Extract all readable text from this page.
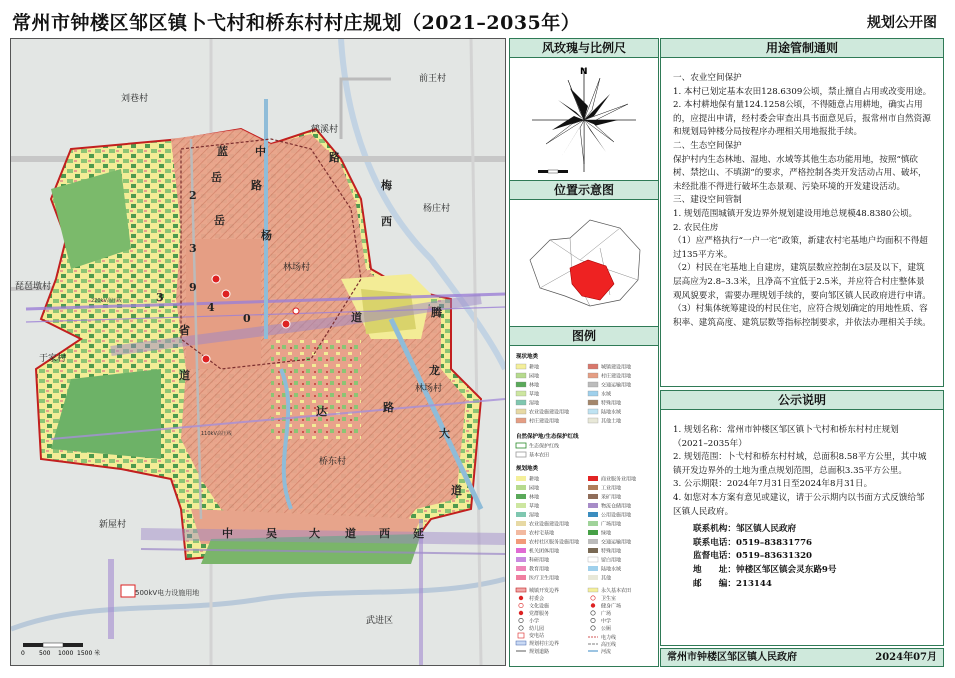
常州市钟楼区邹区镇卜弋村和桥东村村庄规划（2021–2035年）	规划公开图
刘巷村
前王村
鹤溪村
杨庄村
林场村
琵琶墩村
于家村
林场村
桥东村
新屋村
武进区
蓝 中	路
梅
西
杨
岳
省
道
0
3
4
9
2
3
腾
道
龙
达
大
路
道
中	吴	大 道 西 延
路
岳
500kV电力设施用地
220kV高压线
110kV高压线
0 500 1000 1500 米
风玫瑰与比例尺
N
位置示意图
图例
现状地类
耕地
园地
林地
草地
湿地
农业设施建设用地
村庄建设用地
城镇建设用地
村庄建设用地
交通运输用地
水域
特殊用地
陆地水域
其他土地
自然保护地/生态保护红线
生态保护红线
基本农田
规划地类
耕地
园地
林地
草地
湿地
农业设施建设用地
农村宅基地
农村社区服务设施用地
机关团体用地
科研用地
教育用地
医疗卫生用地
商业服务业用地
工业用地
采矿用地
物流仓储用地
公用设施用地
广场用地
绿地
交通运输用地
特殊用地
留白用地
陆地水域
其他
城镇开发边界
村委会
文化设施
党群服务
小学
幼儿园
变电站
规划村庄边界
规划道路
永久基本农田
卫生室
健身广场
广场
中学
公厕
电力线
高压线
河流
用途管制通则

一、农业空间保护

1. 本村已划定基本农田128.6309公顷，禁止擅自占用或改变用途。

2. 本村耕地保有量124.1258公顷，不得随意占用耕地，确实占用的，应提出申请，经村委会审查出具书面意见后，报常州市自然资源和规划局钟楼分局按程序办理相关用地报批手续。

二、生态空间保护

保护村内生态林地、湿地、水域等其他生态功能用地，按照“慎砍树、禁挖山、不填湖”的要求，严格控制各类开发活动占用、破坏，未经批准不得进行破坏生态景观、污染环境的开发建设活动。

三、建设空间管制

1. 规划范围城镇开发边界外规划建设用地总规模48.8380公顷。

2. 农民住房

（1）应严格执行“一户一宅”政策，新建农村宅基地户均面积不得超过135平方米。

（2）村民在宅基地上自建房，建筑层数应控制在3层及以下，建筑层高应为2.8–3.3米，且净高不宜低于2.5米，并应符合村庄整体景观风貌要求，需要办理规划手续的，要向邹区镇人民政府进行申请。

（3）村集体统筹建设的村民住宅，应符合规划确定的用地性质、容积率、建筑高度、建筑层数等指标控制要求，并依法办理相关手续。

公示说明

1. 规划名称：常州市钟楼区邹区镇卜弋村和桥东村村庄规划（2021–2035年）

2. 规划范围：卜弋村和桥东村村域，总面积8.58平方公里，其中城镇开发边界外的土地为重点规划范围，总面积3.35平方公里。

3. 公示期限：2024年7月31日至2024年8月31日。

4. 如您对本方案有意见或建议，请于公示期内以书面方式反馈给邹区镇人民政府。

联系机构：邹区镇人民政府

联系电话：0519–83831776

监督电话：0519–83631320

地　　址：钟楼区邹区镇会灵东路9号

邮　　编：213144

常州市钟楼区邹区镇人民政府	2024年07月
